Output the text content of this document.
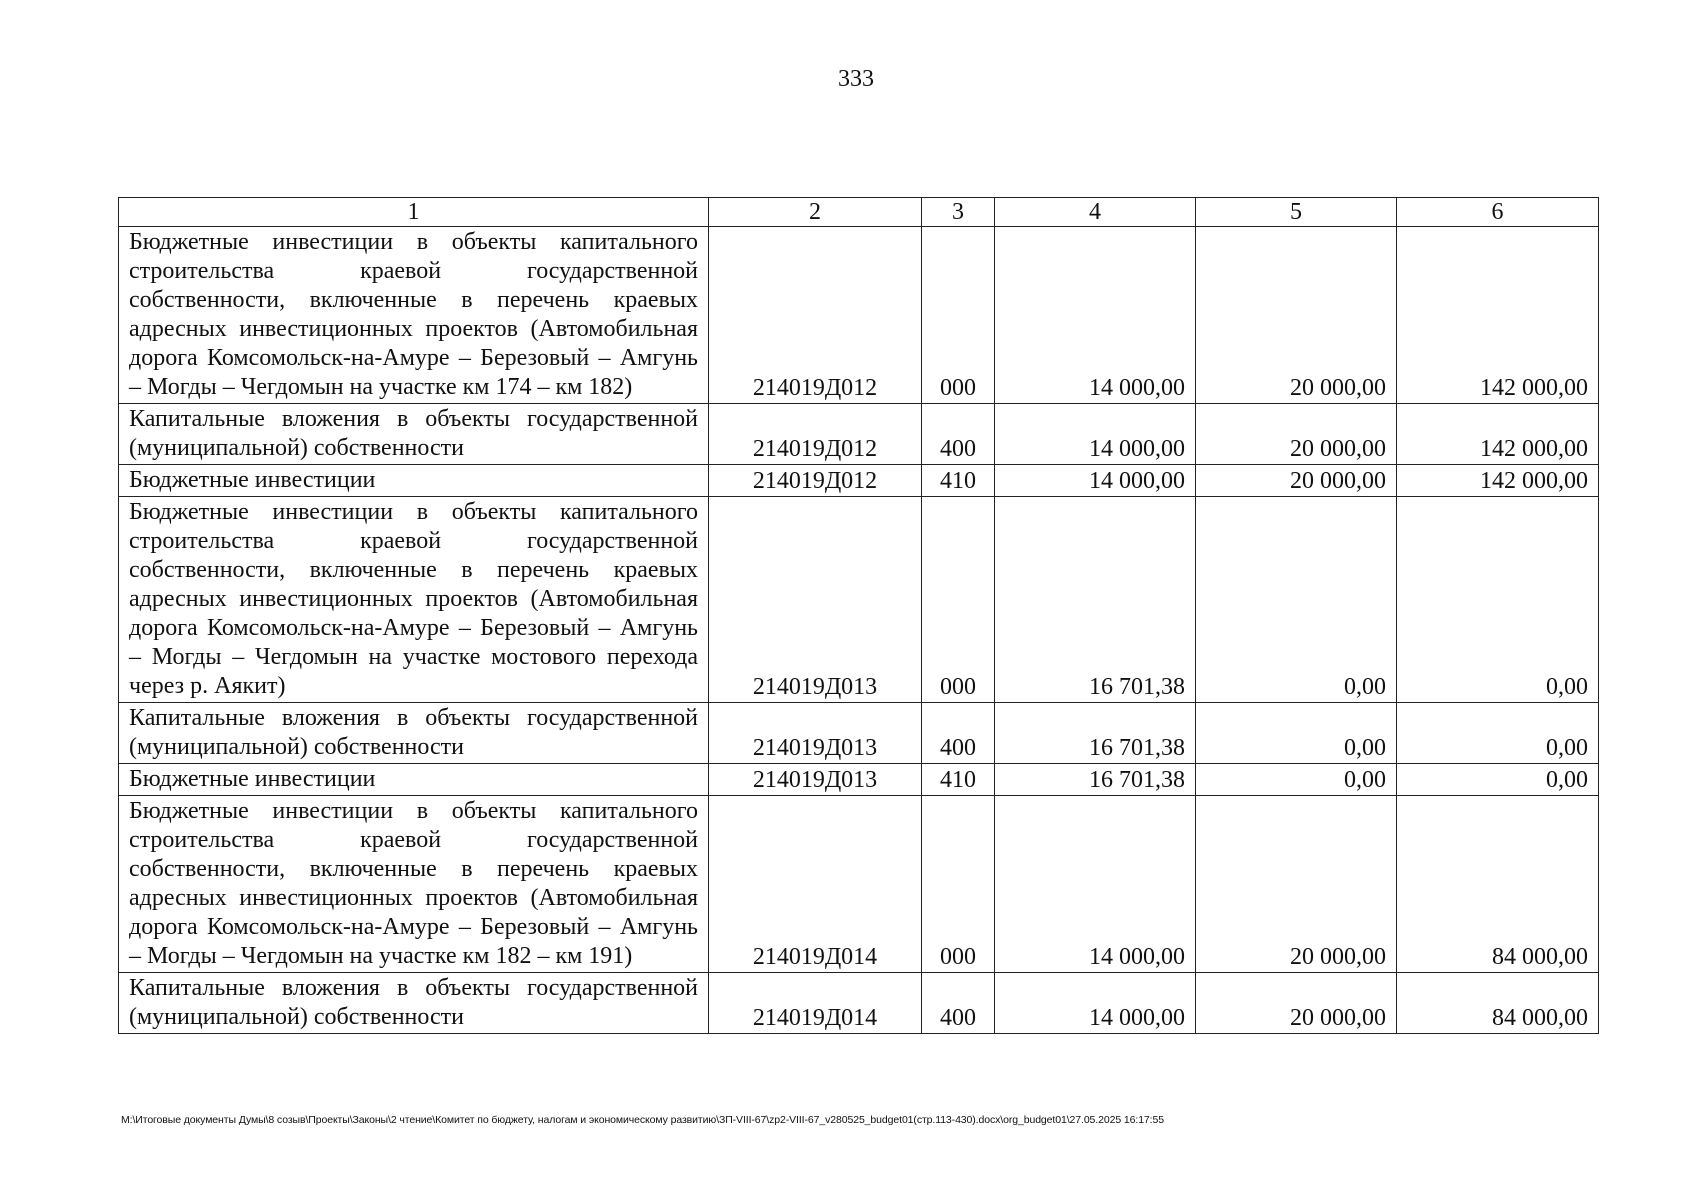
333
1	2	3	4	5	6
Бюджетные инвестиции в объекты капитального строительства краевой государственной собственности, включенные в перечень краевых адресных инвестиционных проектов (Автомобильная дорога Комсомольск-на-Амуре – Березовый – Амгунь – Могды – Чегдомын на участке км 174 – км 182)	214019Д012	000	14 000,00	20 000,00	142 000,00
Капитальные вложения в объекты государственной (муниципальной) собственности	214019Д012	400	14 000,00	20 000,00	142 000,00
Бюджетные инвестиции	214019Д012	410	14 000,00	20 000,00	142 000,00
Бюджетные инвестиции в объекты капитального строительства краевой государственной собственности, включенные в перечень краевых адресных инвестиционных проектов (Автомобильная дорога Комсомольск-на-Амуре – Березовый – Амгунь – Могды – Чегдомын на участке мостового перехода через р. Аякит)	214019Д013	000	16 701,38	0,00	0,00
Капитальные вложения в объекты государственной (муниципальной) собственности	214019Д013	400	16 701,38	0,00	0,00
Бюджетные инвестиции	214019Д013	410	16 701,38	0,00	0,00
Бюджетные инвестиции в объекты капитального строительства краевой государственной собственности, включенные в перечень краевых адресных инвестиционных проектов (Автомобильная дорога Комсомольск-на-Амуре – Березовый – Амгунь – Могды – Чегдомын на участке км 182 – км 191)	214019Д014	000	14 000,00	20 000,00	84 000,00
Капитальные вложения в объекты государственной (муниципальной) собственности	214019Д014	400	14 000,00	20 000,00	84 000,00
M:\Итоговые документы Думы\8 созыв\Проекты\Законы\2 чтение\Комитет по бюджету, налогам и экономическому развитию\ЗП-VIII-67\zp2-VIII-67_v280525_budget01(стр.113-430).docx\org_budget01\27.05.2025 16:17:55
